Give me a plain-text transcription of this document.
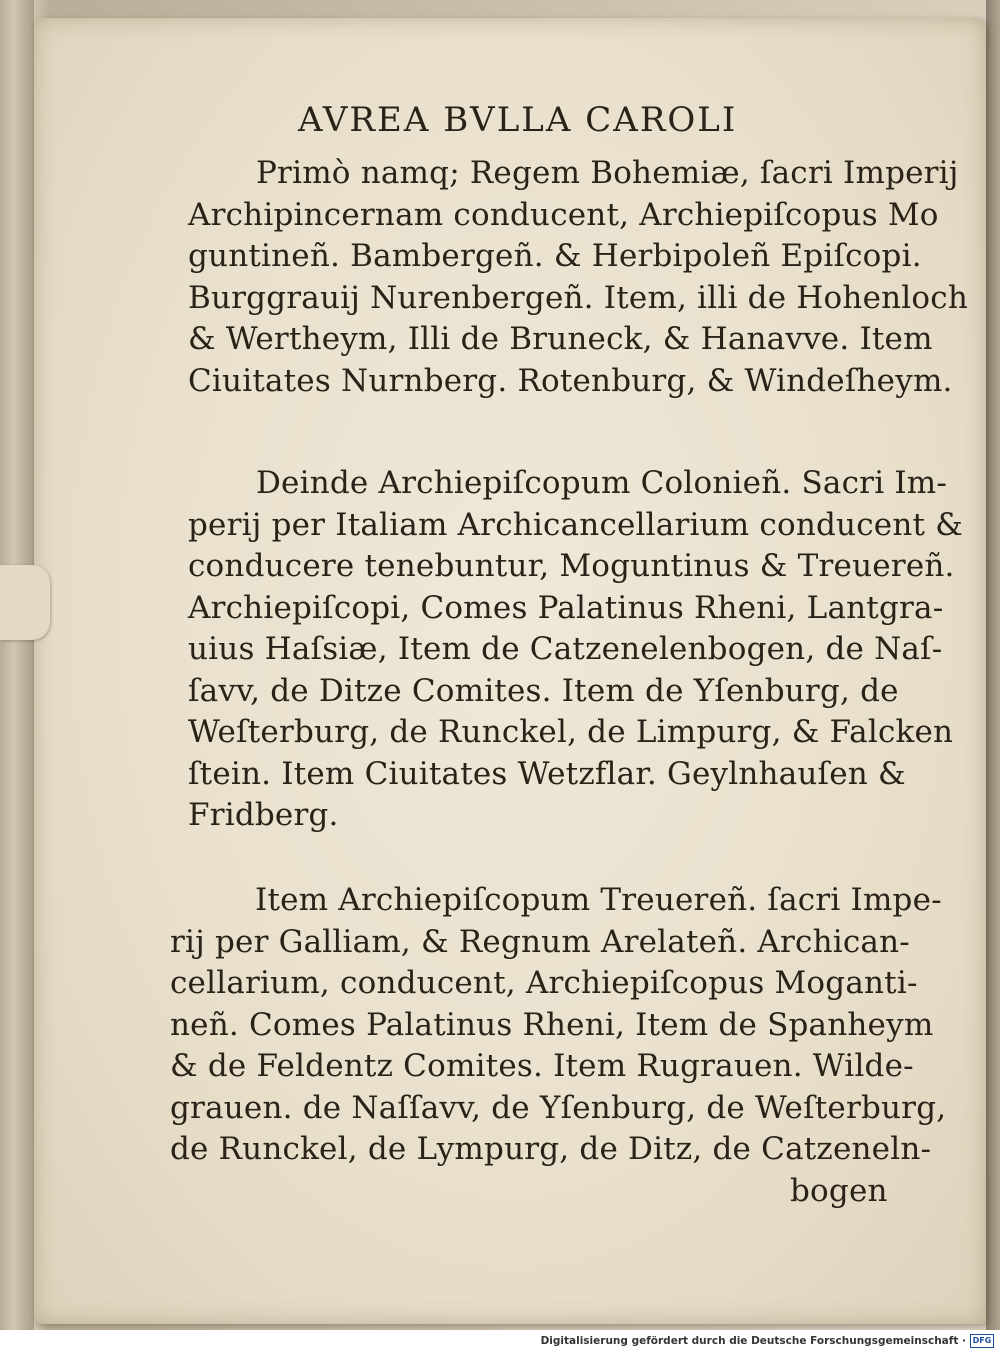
AVREA BVLLA CAROLI
Primò namq; Regem Bohemiæ, ſacri Imperij
Archipincernam conducent, Archiepiſcopus Mo
guntineñ. Bambergeñ. & Herbipoleñ Epiſcopi.
Burggrauij Nurenbergeñ. Item, illi de Hohenloch
& Wertheym, Illi de Bruneck, & Hanavve. Item
Ciuitates Nurnberg. Rotenburg, & Windeſheym.
Deinde Archiepiſcopum Colonieñ. Sacri Im-
perij per Italiam Archicancellarium conducent &
conducere tenebuntur, Moguntinus & Treuereñ.
Archiepiſcopi, Comes Palatinus Rheni, Lantgra-
uius Haſsiæ, Item de Catzenelenbogen, de Naſ-
ſavv, de Ditze Comites. Item de Yſenburg, de
Weſterburg, de Runckel, de Limpurg, & Falcken
ſtein. Item Ciuitates Wetzflar. Geylnhauſen &
Fridberg.
Item Archiepiſcopum Treuereñ. ſacri Impe-
rij per Galliam, & Regnum Arelateñ. Archican-
cellarium, conducent, Archiepiſcopus Moganti-
neñ. Comes Palatinus Rheni, Item de Spanheym
& de Feldentz Comites. Item Rugrauen. Wilde-
grauen. de Naſſavv, de Yſenburg, de Weſterburg,
de Runckel, de Lympurg, de Ditz, de Catzeneln-
bogen
Digitalisierung gefördert durch die Deutsche Forschungsgemeinschaft · DFG
